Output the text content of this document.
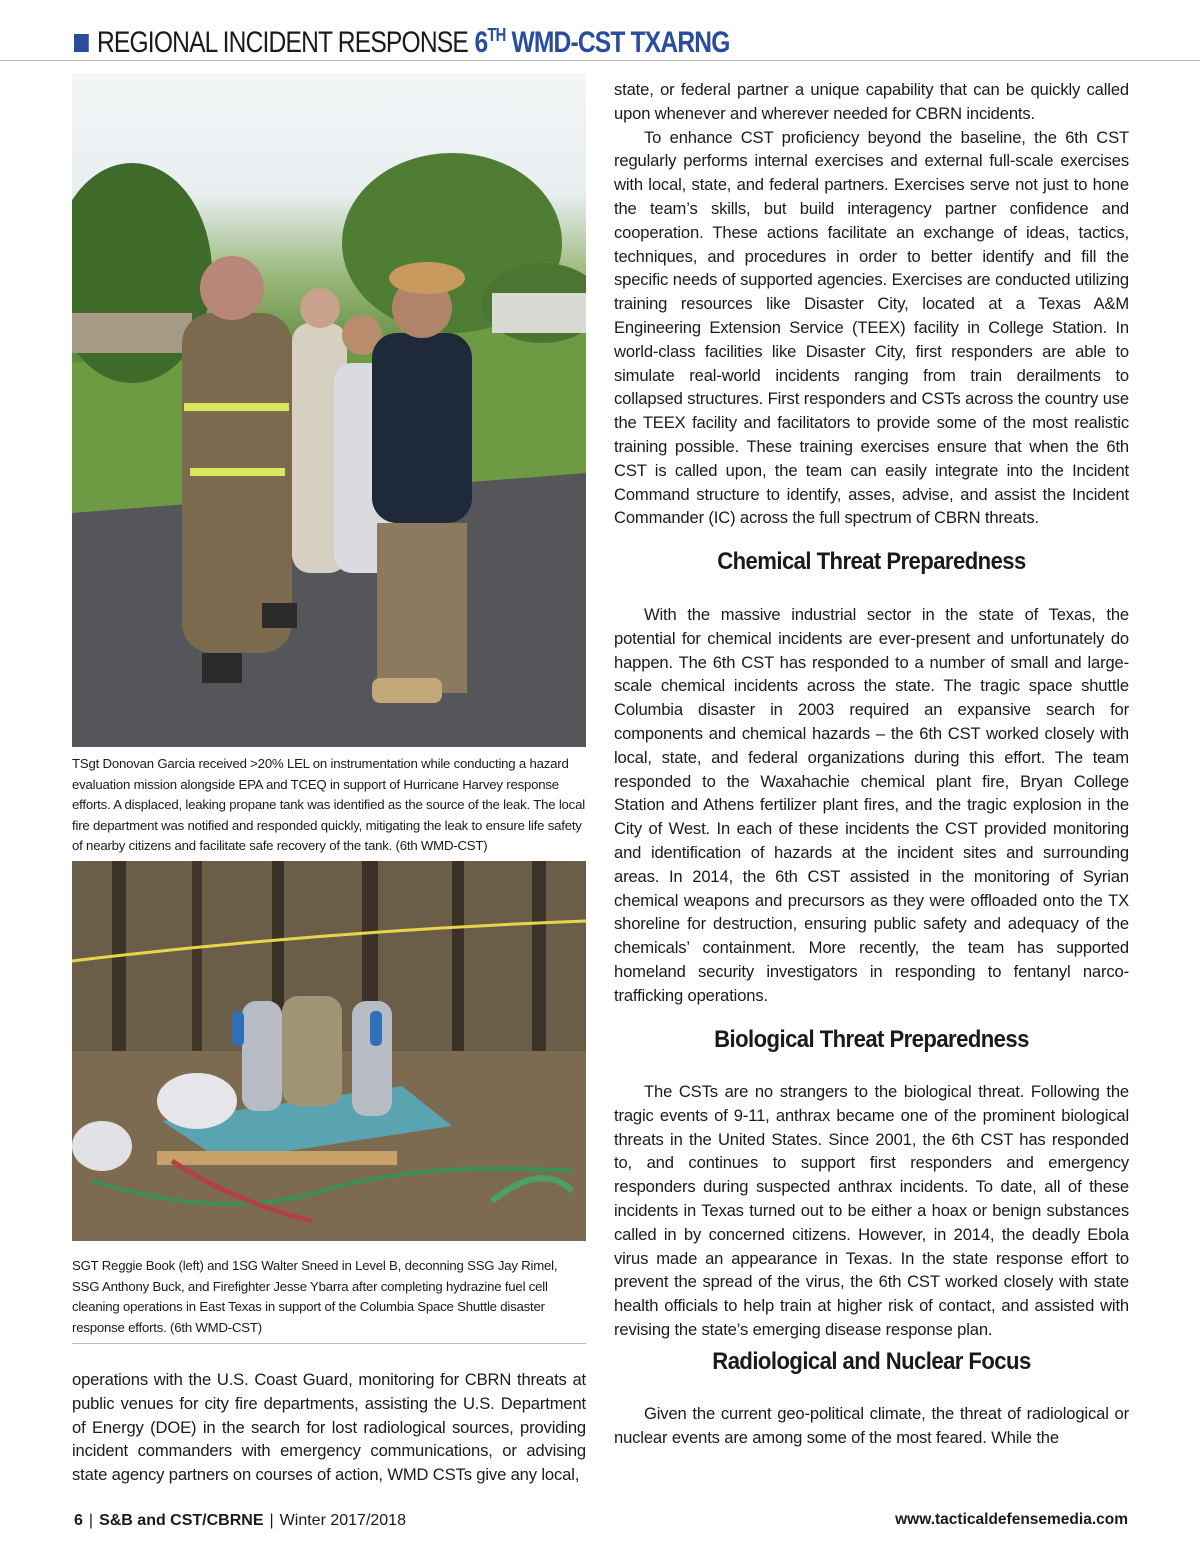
REGIONAL INCIDENT RESPONSE 6TH WMD-CST TXARNG
TSgt Donovan Garcia received >20% LEL on instrumentation while conducting a hazard evaluation mission alongside EPA and TCEQ in support of Hurricane Harvey response efforts. A displaced, leaking propane tank was identified as the source of the leak. The local fire department was notified and responded quickly, mitigating the leak to ensure life safety of nearby citizens and facilitate safe recovery of the tank. (6th WMD-CST)
SGT Reggie Book (left) and 1SG Walter Sneed in Level B, deconning SSG Jay Rimel, SSG Anthony Buck, and Firefighter Jesse Ybarra after completing hydrazine fuel cell cleaning operations in East Texas in support of the Columbia Space Shuttle disaster response efforts. (6th WMD-CST)

operations with the U.S. Coast Guard, monitoring for CBRN threats at public venues for city fire departments, assisting the U.S. Department of Energy (DOE) in the search for lost radiological sources, providing incident commanders with emergency communications, or advising state agency partners on courses of action, WMD CSTs give any local,

state, or federal partner a unique capability that can be quickly called upon whenever and wherever needed for CBRN incidents.

To enhance CST proficiency beyond the baseline, the 6th CST regularly performs internal exercises and external full-scale exercises with local, state, and federal partners. Exercises serve not just to hone the team’s skills, but build interagency partner confidence and cooperation. These actions facilitate an exchange of ideas, tactics, techniques, and procedures in order to better identify and fill the specific needs of supported agencies. Exercises are conducted utilizing training resources like Disaster City, located at a Texas A&M Engineering Extension Service (TEEX) facility in College Station. In world-class facilities like Disaster City, first responders are able to simulate real-world incidents ranging from train derailments to collapsed structures. First responders and CSTs across the country use the TEEX facility and facilitators to provide some of the most realistic training possible. These training exercises ensure that when the 6th CST is called upon, the team can easily integrate into the Incident Command structure to identify, asses, advise, and assist the Incident Commander (IC) across the full spectrum of CBRN threats.

Chemical Threat Preparedness

With the massive industrial sector in the state of Texas, the potential for chemical incidents are ever-present and unfortunately do happen. The 6th CST has responded to a number of small and large-scale chemical incidents across the state. The tragic space shuttle Columbia disaster in 2003 required an expansive search for components and chemical hazards – the 6th CST worked closely with local, state, and federal organizations during this effort. The team responded to the Waxahachie chemical plant fire, Bryan College Station and Athens fertilizer plant fires, and the tragic explosion in the City of West. In each of these incidents the CST provided monitoring and identification of hazards at the incident sites and surrounding areas. In 2014, the 6th CST assisted in the monitoring of Syrian chemical weapons and precursors as they were offloaded onto the TX shoreline for destruction, ensuring public safety and adequacy of the chemicals’ containment. More recently, the team has supported homeland security investigators in responding to fentanyl narco-trafficking operations.

Biological Threat Preparedness

The CSTs are no strangers to the biological threat. Following the tragic events of 9-11, anthrax became one of the prominent biological threats in the United States. Since 2001, the 6th CST has responded to, and continues to support first responders and emergency responders during suspected anthrax incidents. To date, all of these incidents in Texas turned out to be either a hoax or benign substances called in by concerned citizens. However, in 2014, the deadly Ebola virus made an appearance in Texas. In the state response effort to prevent the spread of the virus, the 6th CST worked closely with state health officials to help train at higher risk of contact, and assisted with revising the state’s emerging disease response plan.

Radiological and Nuclear Focus

Given the current geo-political climate, the threat of radiological or nuclear events are among some of the most feared. While the

6 | S&B and CST/CBRNE | Winter 2017/2018	www.tacticaldefensemedia.com
